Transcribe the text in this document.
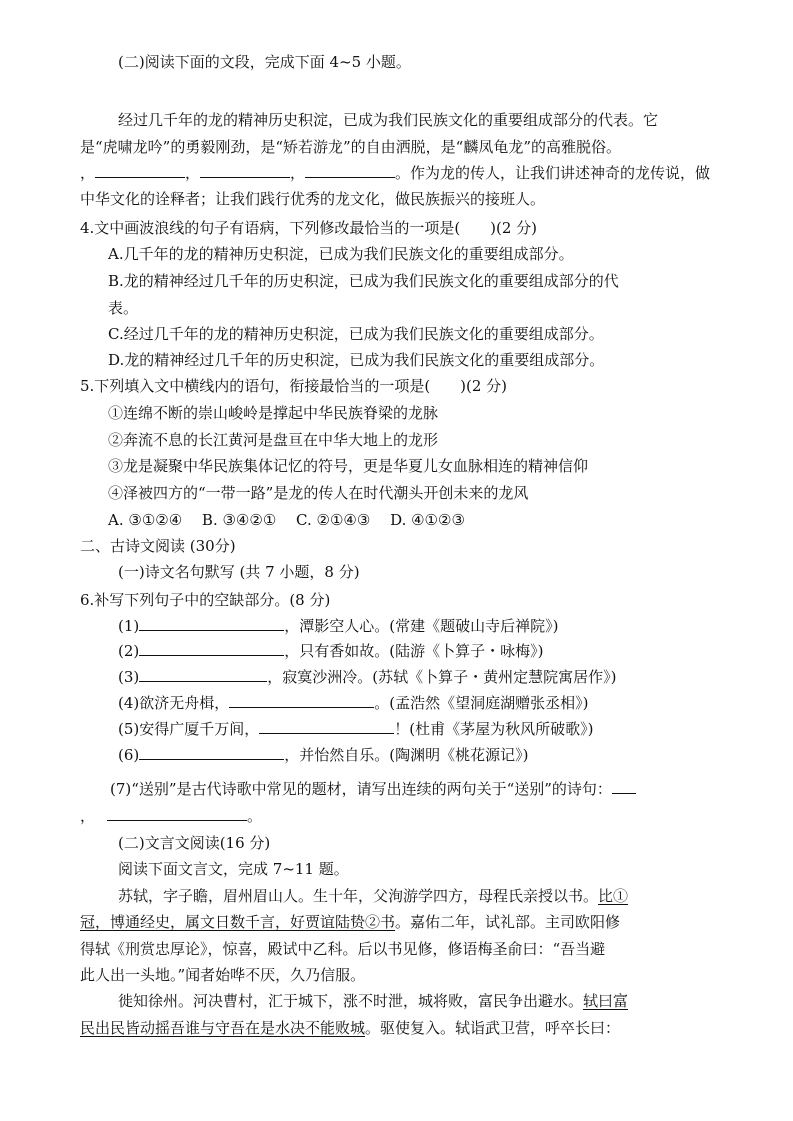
(二)阅读下面的文段，完成下面 4~5 小题。
经过几千年的龙的精神历史积淀，已成为我们民族文化的重要组成部分的代表。它
是“虎啸龙吟”的勇毅刚劲，是“矫若游龙”的自由洒脱，是“麟凤龟龙”的高雅脱俗。
，	，	，	。作为龙的传人，让我们讲述神奇的龙传说，做
中华文化的诠释者；让我们践行优秀的龙文化，做民族振兴的接班人。
4.文中画波浪线的句子有语病，下列修改最恰当的一项是(　　)(2 分)
A.几千年的龙的精神历史积淀，已成为我们民族文化的重要组成部分。
B.龙的精神经过几千年的历史积淀，已成为我们民族文化的重要组成部分的代
表。
C.经过几千年的龙的精神历史积淀，已成为我们民族文化的重要组成部分。
D.龙的精神经过几千年的历史积淀，已成为我们民族文化的重要组成部分。
5.下列填入文中横线内的语句，衔接最恰当的一项是(　　)(2 分)
①连绵不断的崇山峻岭是撑起中华民族脊梁的龙脉
②奔流不息的长江黄河是盘亘在中华大地上的龙形
③龙是凝聚中华民族集体记忆的符号，更是华夏儿女血脉相连的精神信仰
④泽被四方的“一带一路”是龙的传人在时代潮头开创未来的龙风
A. ③①②④　 B. ③④②①　 C. ②①④③　 D. ④①②③
二、古诗文阅读 (30分)
(一)诗文名句默写 (共 7 小题，8 分)
6.补写下列句子中的空缺部分。(8 分)
(1)	，潭影空人心。(常建《题破山寺后禅院》)
(2)	，只有香如故。(陆游《卜算子・咏梅》)
(3)	，寂寞沙洲冷。(苏轼《卜算子・黄州定慧院寓居作》)
(4)欲济无舟楫，	。(孟浩然《望洞庭湖赠张丞相》)
(5)安得广厦千万间，	！(杜甫《茅屋为秋风所破歌》)
(6)	，并怡然自乐。(陶渊明《桃花源记》)
(7)“送别”是古代诗歌中常见的题材，请写出连续的两句关于“送别”的诗句：
，	。
(二)文言文阅读(16 分)
阅读下面文言文，完成 7~11 题。
苏轼，字子瞻，眉州眉山人。生十年，父洵游学四方，母程氏亲授以书。比①
冠，博通经史，属文日数千言，好贾谊陆贽②书。嘉佑二年，试礼部。主司欧阳修
得轼《刑赏忠厚论》，惊喜，殿试中乙科。后以书见修，修语梅圣俞曰：“吾当避
此人出一头地。”闻者始哗不厌，久乃信服。
徙知徐州。河决曹村，汇于城下，涨不时泄，城将败，富民争出避水。轼曰富
民出民皆动摇吾谁与守吾在是水决不能败城。驱使复入。轼诣武卫营，呼卒长曰：
